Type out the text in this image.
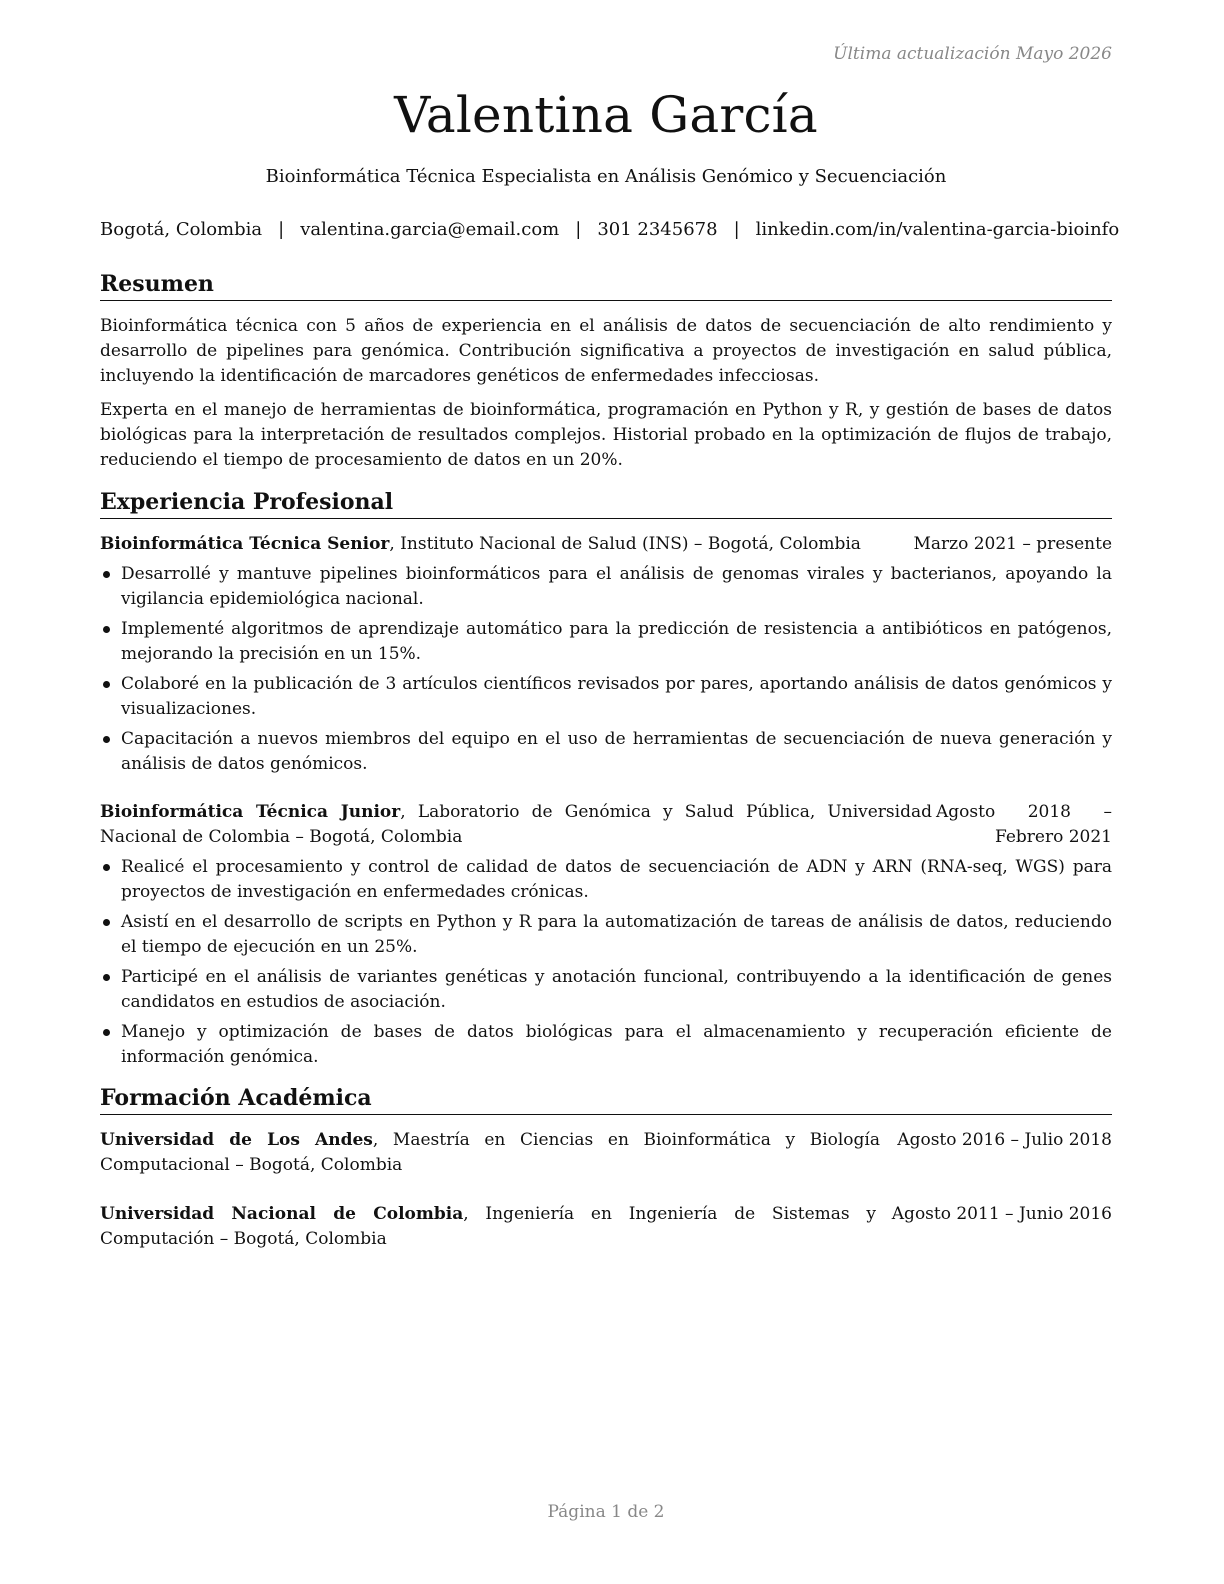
Última actualización Mayo 2026
Valentina García
Bioinformática Técnica Especialista en Análisis Genómico y Secuenciación
Bogotá, Colombia | valentina.garcia@email.com | 301 2345678 | linkedin.com/in/valentina-garcia-bioinfo
Resumen
Bioinformática técnica con 5 años de experiencia en el análisis de datos de secuenciación de alto rendimiento y desarrollo de pipelines para genómica. Contribución significativa a proyectos de investigación en salud pública, incluyendo la identificación de marcadores genéticos de enfermedades infecciosas.
Experta en el manejo de herramientas de bioinformática, programación en Python y R, y gestión de bases de datos biológicas para la interpretación de resultados complejos. Historial probado en la optimización de flujos de trabajo, reduciendo el tiempo de procesamiento de datos en un 20%.
Experiencia Profesional
Bioinformática Técnica Senior, Instituto Nacional de Salud (INS) – Bogotá, Colombia	Marzo 2021 – presente
Desarrollé y mantuve pipelines bioinformáticos para el análisis de genomas virales y bacterianos, apoyando la vigilancia epidemiológica nacional.
Implementé algoritmos de aprendizaje automático para la predicción de resistencia a antibióticos en patógenos, mejorando la precisión en un 15%.
Colaboré en la publicación de 3 artículos científicos revisados por pares, aportando análisis de datos genómicos y visualizaciones.
Capacitación a nuevos miembros del equipo en el uso de herramientas de secuenciación de nueva generación y análisis de datos genómicos.
Bioinformática Técnica Junior, Laboratorio de Genómica y Salud Pública, Universidad Nacional de Colombia – Bogotá, Colombia
Agosto 2018 – Febrero 2021
Realicé el procesamiento y control de calidad de datos de secuenciación de ADN y ARN (RNA-seq, WGS) para proyectos de investigación en enfermedades crónicas.
Asistí en el desarrollo de scripts en Python y R para la automatización de tareas de análisis de datos, reduciendo el tiempo de ejecución en un 25%.
Participé en el análisis de variantes genéticas y anotación funcional, contribuyendo a la identificación de genes candidatos en estudios de asociación.
Manejo y optimización de bases de datos biológicas para el almacenamiento y recuperación eficiente de información genómica.
Formación Académica
Universidad de Los Andes, Maestría en Ciencias en Bioinformática y Biología Computacional – Bogotá, Colombia
Agosto 2016 – Julio 2018
Universidad Nacional de Colombia, Ingeniería en Ingeniería de Sistemas y Computación – Bogotá, Colombia
Agosto 2011 – Junio 2016
Página 1 de 2
